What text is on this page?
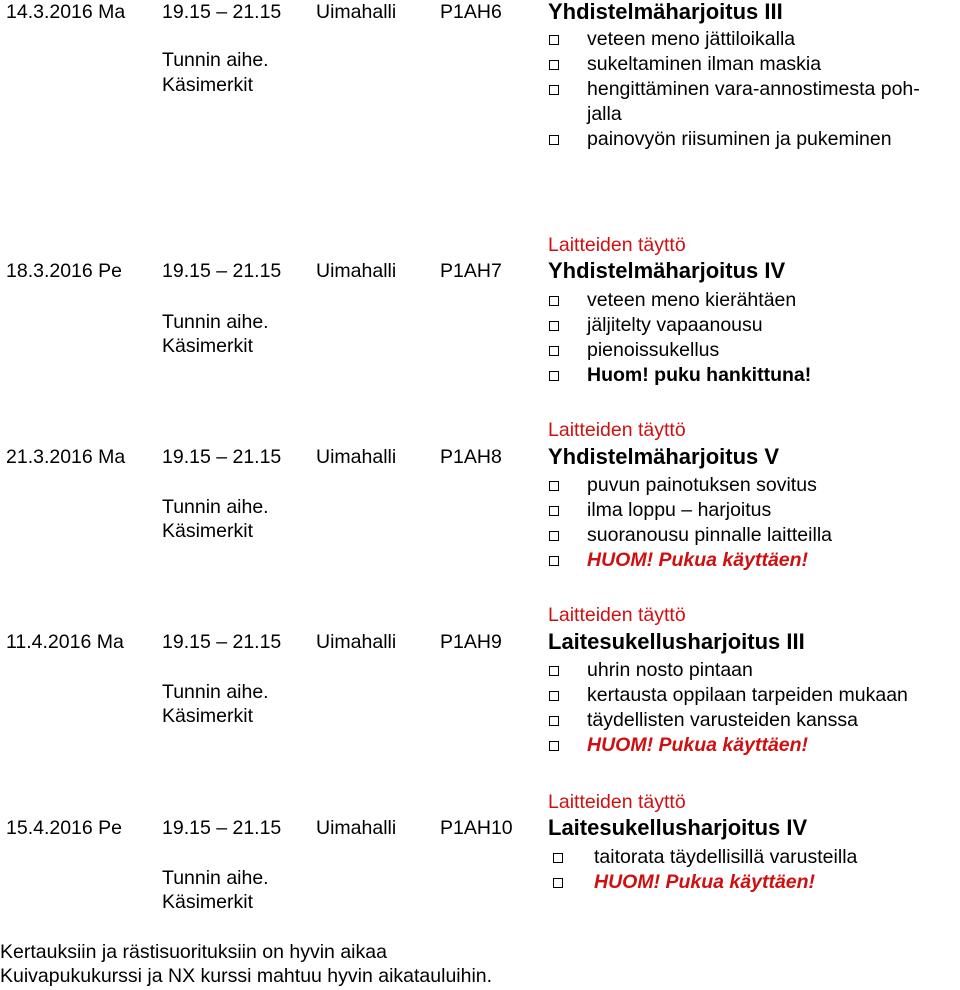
14.3.2016 Ma 19.15 – 21.15 Uimahalli P1AH6
Tunnin aihe.
Käsimerkit
Yhdistelmäharjoitus III
veteen meno jättiloikalla
sukeltaminen ilman maskia
hengittäminen vara-annostimesta poh-
jalla
painovyön riisuminen ja pukeminen
Laitteiden täyttö
18.3.2016 Pe 19.15 – 21.15 Uimahalli P1AH7
Tunnin aihe.
Käsimerkit
Yhdistelmäharjoitus IV
veteen meno kierähtäen
jäljitelty vapaanousu
pienoissukellus
Huom! puku hankittuna!
Laitteiden täyttö
21.3.2016 Ma 19.15 – 21.15 Uimahalli P1AH8
Tunnin aihe.
Käsimerkit
Yhdistelmäharjoitus V
puvun painotuksen sovitus
ilma loppu – harjoitus
suoranousu pinnalle laitteilla
HUOM! Pukua käyttäen!
Laitteiden täyttö
11.4.2016 Ma 19.15 – 21.15 Uimahalli P1AH9
Tunnin aihe.
Käsimerkit
Laitesukellusharjoitus III
uhrin nosto pintaan
kertausta oppilaan tarpeiden mukaan
täydellisten varusteiden kanssa
HUOM! Pukua käyttäen!
Laitteiden täyttö
15.4.2016 Pe 19.15 – 21.15 Uimahalli P1AH10
Tunnin aihe.
Käsimerkit
Laitesukellusharjoitus IV
taitorata täydellisillä varusteilla
HUOM! Pukua käyttäen!
Kertauksiin ja rästisuorituksiin on hyvin aikaa
Kuivapukukurssi ja NX kurssi mahtuu hyvin aikatauluihin.
